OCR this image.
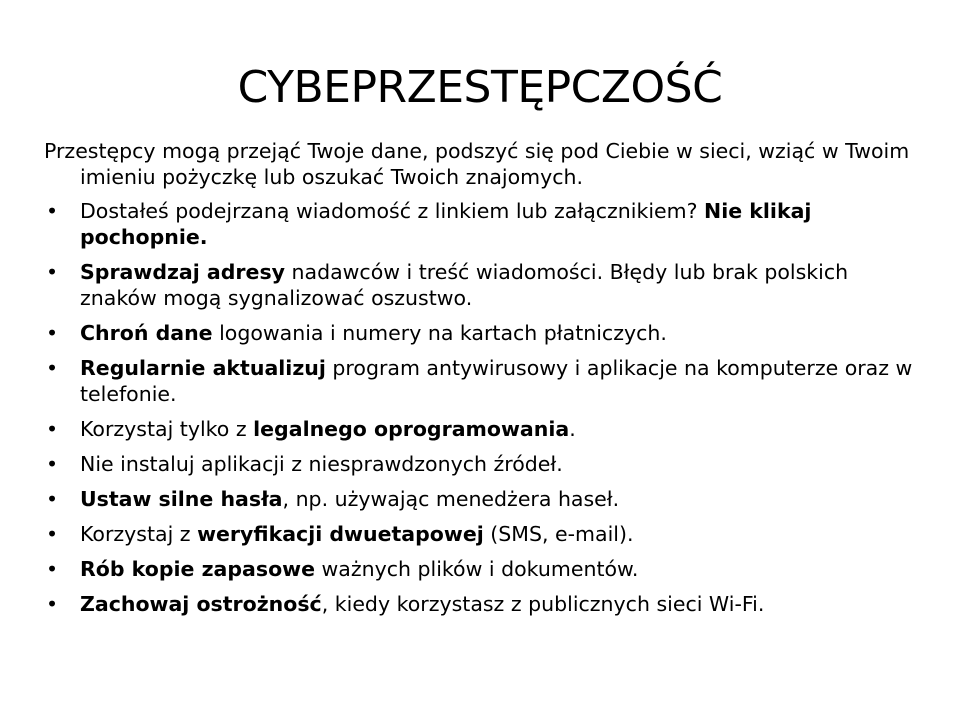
CYBEPRZESTĘPCZOŚĆ

Przestępcy mogą przejąć Twoje dane, podszyć się pod Ciebie w sieci, wziąć w Twoim imieniu pożyczkę lub oszukać Twoich znajomych.

• Dostałeś podejrzaną wiadomość z linkiem lub załącznikiem? Nie klikaj pochopnie.
• Sprawdzaj adresy nadawców i treść wiadomości. Błędy lub brak polskich znaków mogą sygnalizować oszustwo.
• Chroń dane logowania i numery na kartach płatniczych.
• Regularnie aktualizuj program antywirusowy i aplikacje na komputerze oraz w telefonie.
• Korzystaj tylko z legalnego oprogramowania.
• Nie instaluj aplikacji z niesprawdzonych źródeł.
• Ustaw silne hasła, np. używając menedżera haseł.
• Korzystaj z weryfikacji dwuetapowej (SMS, e-mail).
• Rób kopie zapasowe ważnych plików i dokumentów.
• Zachowaj ostrożność, kiedy korzystasz z publicznych sieci Wi-Fi.
